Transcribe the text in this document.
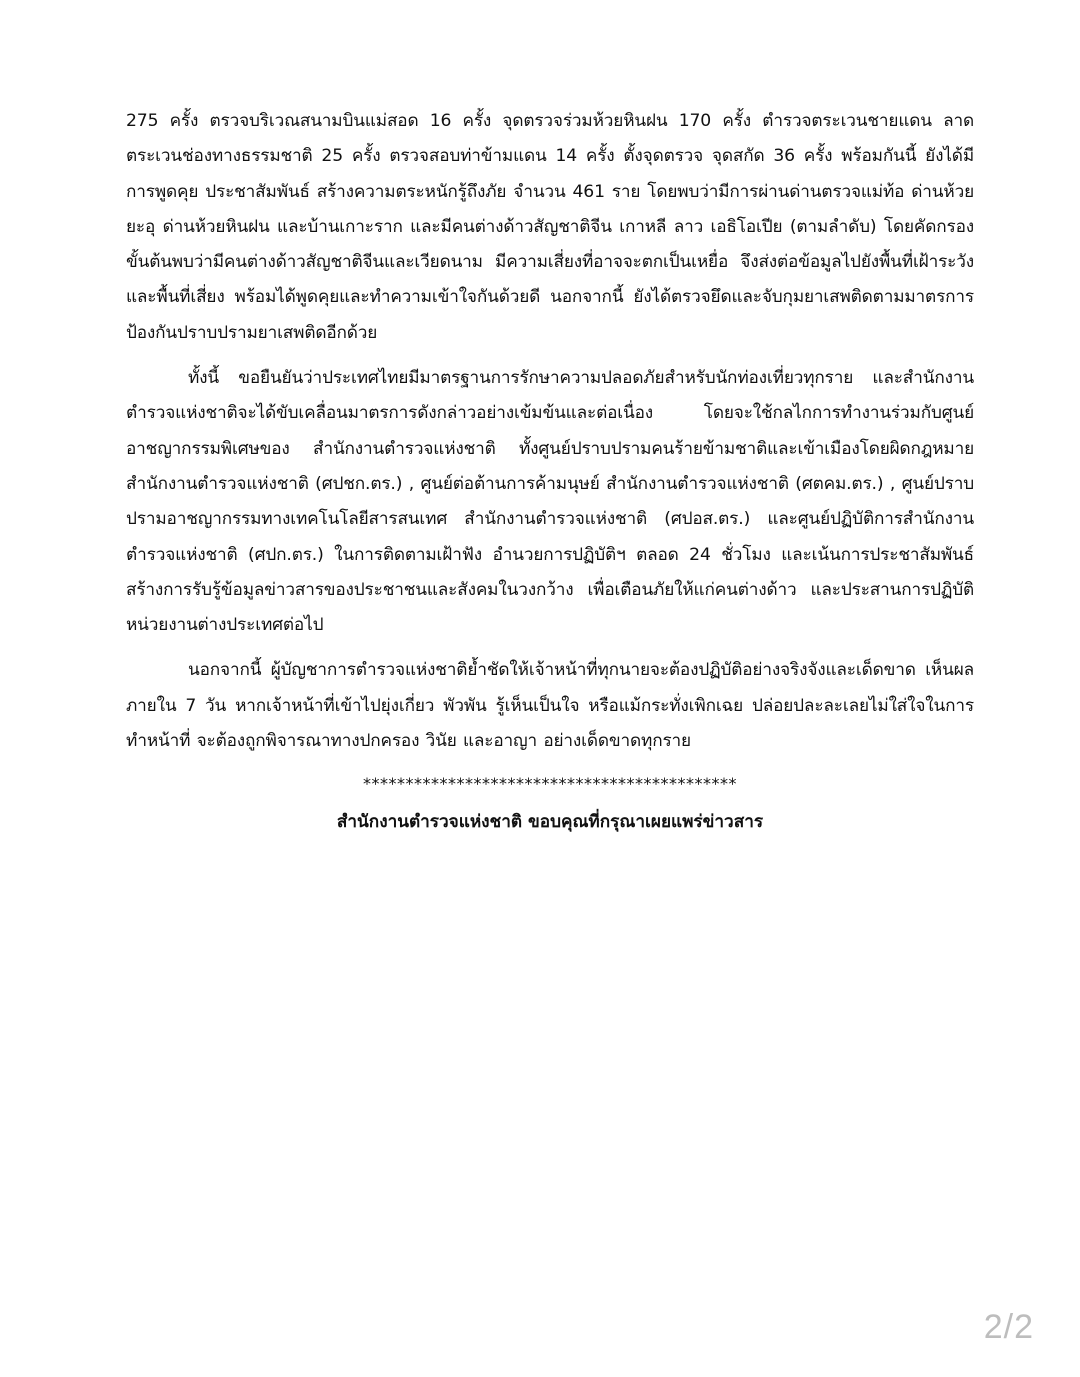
275 ครั้ง ตรวจบริเวณสนามบินแม่สอด 16 ครั้ง จุดตรวจร่วมห้วยหินฝน 170 ครั้ง ตำรวจตระเวนชายแดน ลาดตระเวนช่องทางธรรมชาติ 25 ครั้ง ตรวจสอบท่าข้ามแดน 14 ครั้ง ตั้งจุดตรวจ จุดสกัด 36 ครั้ง พร้อมกันนี้ ยังได้มีการพูดคุย ประชาสัมพันธ์ สร้างความตระหนักรู้ถึงภัย จำนวน 461 ราย โดยพบว่ามีการผ่านด่านตรวจแม่ท้อ ด่านห้วยยะอุ ด่านห้วยหินฝน และบ้านเกาะราก และมีคนต่างด้าวสัญชาติจีน เกาหลี ลาว เอธิโอเปีย (ตามลำดับ) โดยคัดกรองขั้นต้นพบว่ามีคนต่างด้าวสัญชาติจีนและเวียดนาม มีความเสี่ยงที่อาจจะตกเป็นเหยื่อ จึงส่งต่อข้อมูลไปยังพื้นที่เฝ้าระวังและพื้นที่เสี่ยง พร้อมได้พูดคุยและทำความเข้าใจกันด้วยดี นอกจากนี้ ยังได้ตรวจยึดและจับกุมยาเสพติดตามมาตรการป้องกันปราบปรามยาเสพติดอีกด้วย

ทั้งนี้ ขอยืนยันว่าประเทศไทยมีมาตรฐานการรักษาความปลอดภัยสำหรับนักท่องเที่ยวทุกราย และสำนักงานตำรวจแห่งชาติจะได้ขับเคลื่อนมาตรการดังกล่าวอย่างเข้มข้นและต่อเนื่อง โดยจะใช้กลไกการทำงานร่วมกับศูนย์อาชญากรรมพิเศษของ สำนักงานตำรวจแห่งชาติ ทั้งศูนย์ปราบปรามคนร้ายข้ามชาติและเข้าเมืองโดยผิดกฎหมาย สำนักงานตำรวจแห่งชาติ (ศปชก.ตร.) , ศูนย์ต่อต้านการค้ามนุษย์ สำนักงานตำรวจแห่งชาติ (ศตคม.ตร.) , ศูนย์ปราบปรามอาชญากรรมทางเทคโนโลยีสารสนเทศ สำนักงานตำรวจแห่งชาติ (ศปอส.ตร.) และศูนย์ปฏิบัติการสำนักงานตำรวจแห่งชาติ (ศปก.ตร.) ในการติดตามเฝ้าฟัง อำนวยการปฏิบัติฯ ตลอด 24 ชั่วโมง และเน้นการประชาสัมพันธ์สร้างการรับรู้ข้อมูลข่าวสารของประชาชนและสังคมในวงกว้าง เพื่อเตือนภัยให้แก่คนต่างด้าว และประสานการปฏิบัติหน่วยงานต่างประเทศต่อไป

นอกจากนี้ ผู้บัญชาการตำรวจแห่งชาติย้ำชัดให้เจ้าหน้าที่ทุกนายจะต้องปฏิบัติอย่างจริงจังและเด็ดขาด เห็นผลภายใน 7 วัน หากเจ้าหน้าที่เข้าไปยุ่งเกี่ยว พัวพัน รู้เห็นเป็นใจ หรือแม้กระทั่งเพิกเฉย ปล่อยปละละเลยไม่ใส่ใจในการทำหน้าที่ จะต้องถูกพิจารณาทางปกครอง วินัย และอาญา อย่างเด็ดขาดทุกราย

********************************************
สำนักงานตำรวจแห่งชาติ ขอบคุณที่กรุณาเผยแพร่ข่าวสาร
2/2
